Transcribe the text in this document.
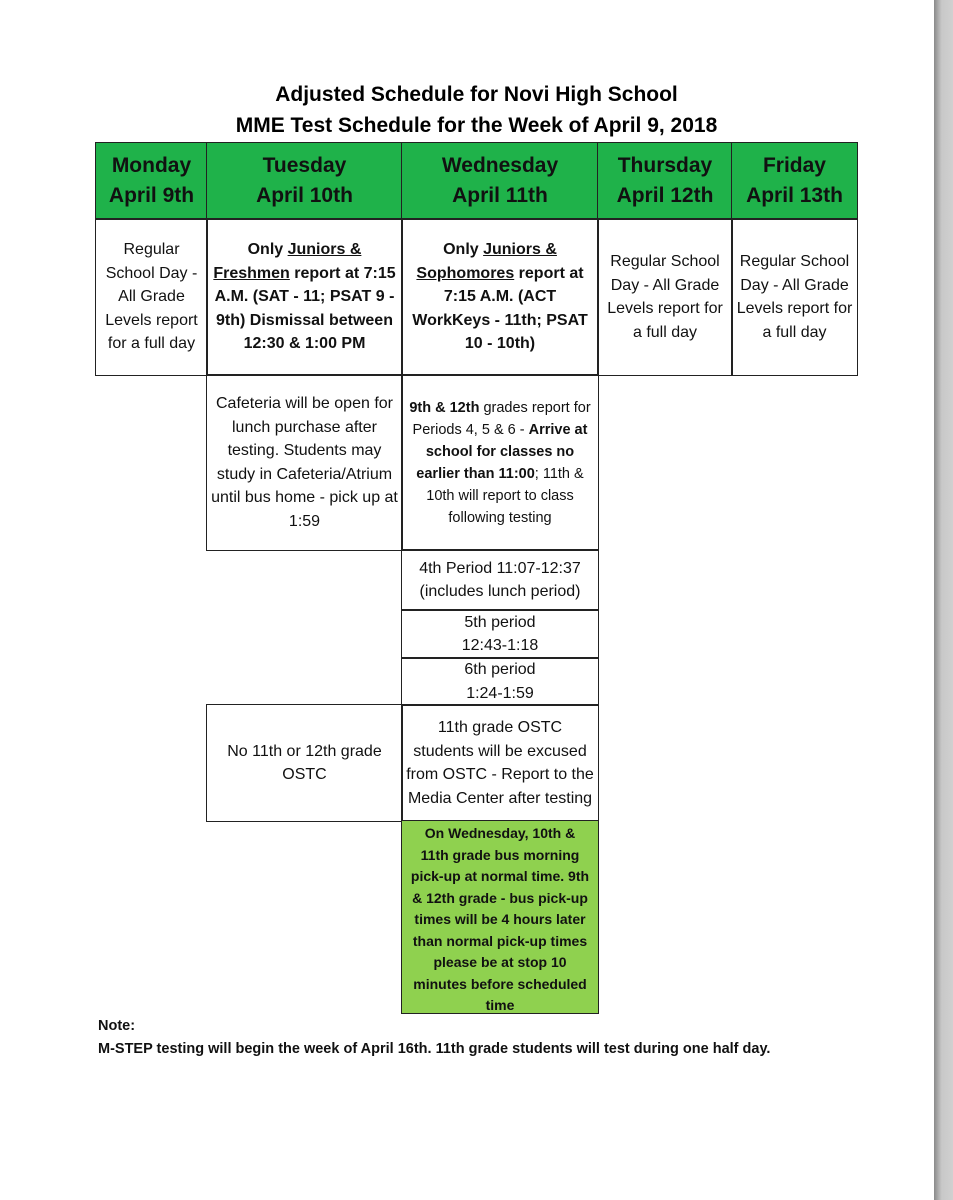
Adjusted Schedule for Novi High School
MME Test Schedule for the Week of April 9, 2018
Monday
April 9th
Tuesday
April 10th
Wednesday
April 11th
Thursday
April 12th
Friday
April 13th
Regular School Day - All Grade Levels report for a full day
Only Juniors & Freshmen report at 7:15 A.M. (SAT - 11; PSAT 9 - 9th) Dismissal between 12:30 & 1:00 PM
Only Juniors & Sophomores report at 7:15 A.M. (ACT WorkKeys - 11th; PSAT 10 - 10th)
Regular School Day - All Grade Levels report for a full day
Regular School Day - All Grade Levels report for a full day
Cafeteria will be open for lunch purchase after testing. Students may study in Cafeteria/Atrium until bus home - pick up at 1:59
9th & 12th grades report for Periods 4, 5 & 6 - Arrive at school for classes no earlier than 11:00; 11th & 10th will report to class following testing
4th Period 11:07-12:37 (includes lunch period)
5th period
12:43-1:18
6th period
1:24-1:59
No 11th or 12th grade OSTC
11th grade OSTC students will be excused from OSTC - Report to the Media Center after testing
On Wednesday, 10th & 11th grade bus morning pick-up at normal time. 9th & 12th grade - bus pick-up times will be 4 hours later than normal pick-up times please be at stop 10 minutes before scheduled time
Note:
M-STEP testing will begin the week of April 16th. 11th grade students will test during one half day.
